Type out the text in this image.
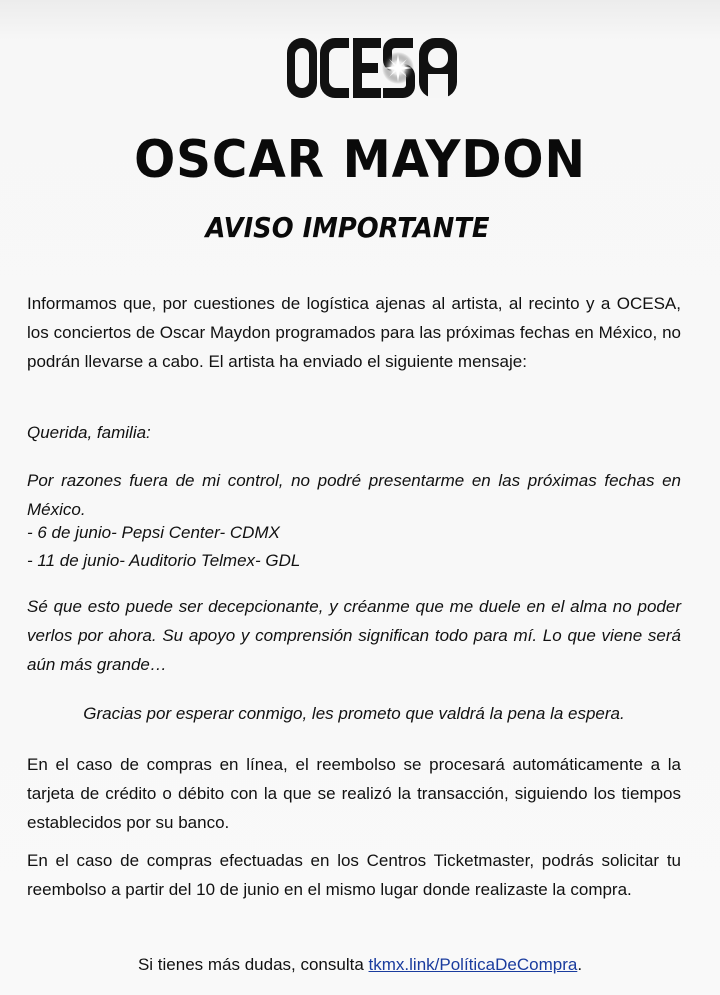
OCESA
OSCAR MAYDON
AVISO IMPORTANTE
Informamos que, por cuestiones de logística ajenas al artista, al recinto y a OCESA, los conciertos de Oscar Maydon programados para las próximas fechas en México, no podrán llevarse a cabo. El artista ha enviado el siguiente mensaje:
Querida, familia:
Por razones fuera de mi control, no podré presentarme en las próximas fechas en México.
- 6 de junio- Pepsi Center- CDMX
- 11 de junio- Auditorio Telmex- GDL
Sé que esto puede ser decepcionante, y créanme que me duele en el alma no poder verlos por ahora. Su apoyo y comprensión significan todo para mí. Lo que viene será aún más grande…
Gracias por esperar conmigo, les prometo que valdrá la pena la espera.
En el caso de compras en línea, el reembolso se procesará automáticamente a la tarjeta de crédito o débito con la que se realizó la transacción, siguiendo los tiempos establecidos por su banco.
En el caso de compras efectuadas en los Centros Ticketmaster, podrás solicitar tu reembolso a partir del 10 de junio en el mismo lugar donde realizaste la compra.
Si tienes más dudas, consulta tkmx.link/PolíticaDeCompra.
